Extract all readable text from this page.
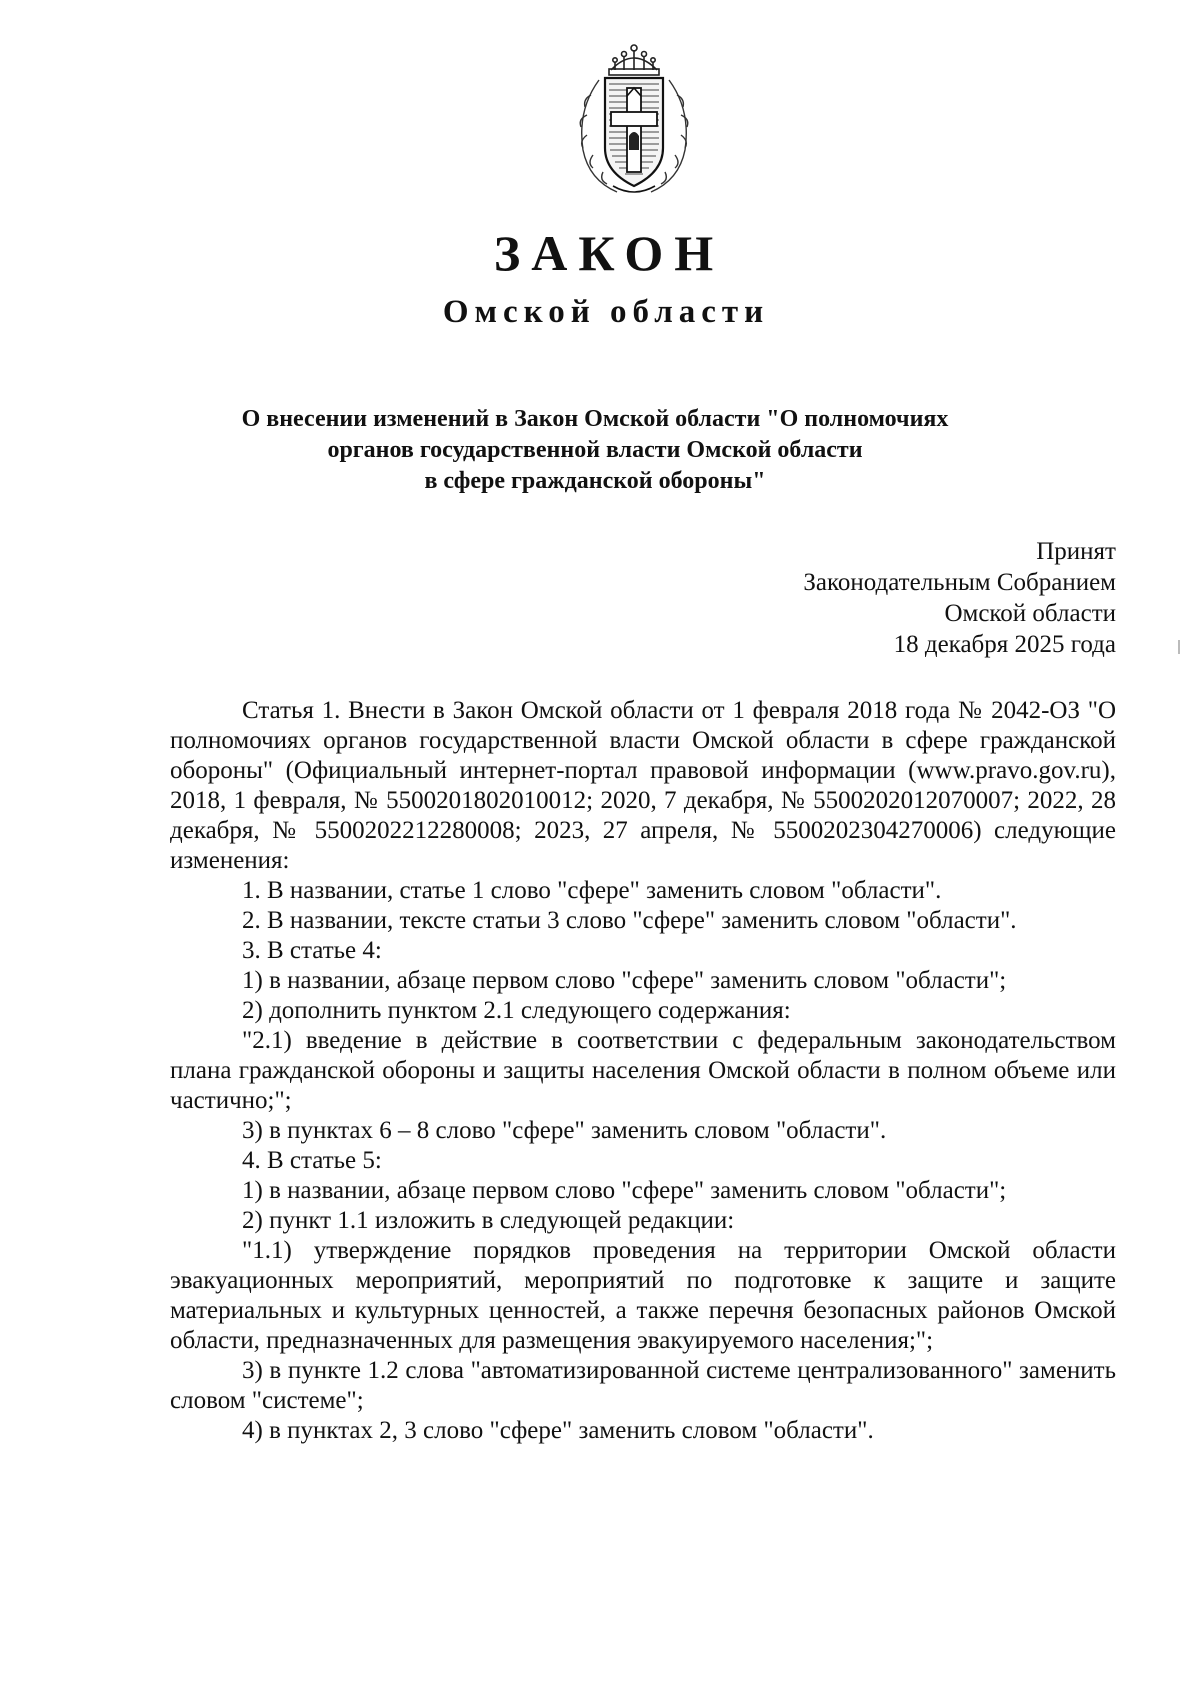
ЗАКОН
Омской области
О внесении изменений в Закон Омской области "О полномочиях
органов государственной власти Омской области
в сфере гражданской обороны"
Принят
Законодательным Собранием
Омской области
18 декабря 2025 года

Статья 1. Внести в Закон Омской области от 1 февраля 2018 года № 2042-ОЗ "О полномочиях органов государственной власти Омской области в сфере гражданской обороны" (Официальный интернет-портал правовой информации (www.pravo.gov.ru), 2018, 1 февраля, № 5500201802010012; 2020, 7 декабря, № 5500202012070007; 2022, 28 декабря, № 5500202212280008; 2023, 27 апреля, № 5500202304270006) следующие изменения:

1. В названии, статье 1 слово "сфере" заменить словом "области".

2. В названии, тексте статьи 3 слово "сфере" заменить словом "области".

3. В статье 4:

1) в названии, абзаце первом слово "сфере" заменить словом "области";

2) дополнить пунктом 2.1 следующего содержания:

"2.1) введение в действие в соответствии с федеральным законодательством плана гражданской обороны и защиты населения Омской области в полном объеме или частично;";

3) в пунктах 6 – 8 слово "сфере" заменить словом "области".

4. В статье 5:

1) в названии, абзаце первом слово "сфере" заменить словом "области";

2) пункт 1.1 изложить в следующей редакции:

"1.1) утверждение порядков проведения на территории Омской области эвакуационных мероприятий, мероприятий по подготовке к защите и защите материальных и культурных ценностей, а также перечня безопасных районов Омской области, предназначенных для размещения эвакуируемого населения;";

3) в пункте 1.2 слова "автоматизированной системе централизованного" заменить словом "системе";

4) в пунктах 2, 3 слово "сфере" заменить словом "области".
